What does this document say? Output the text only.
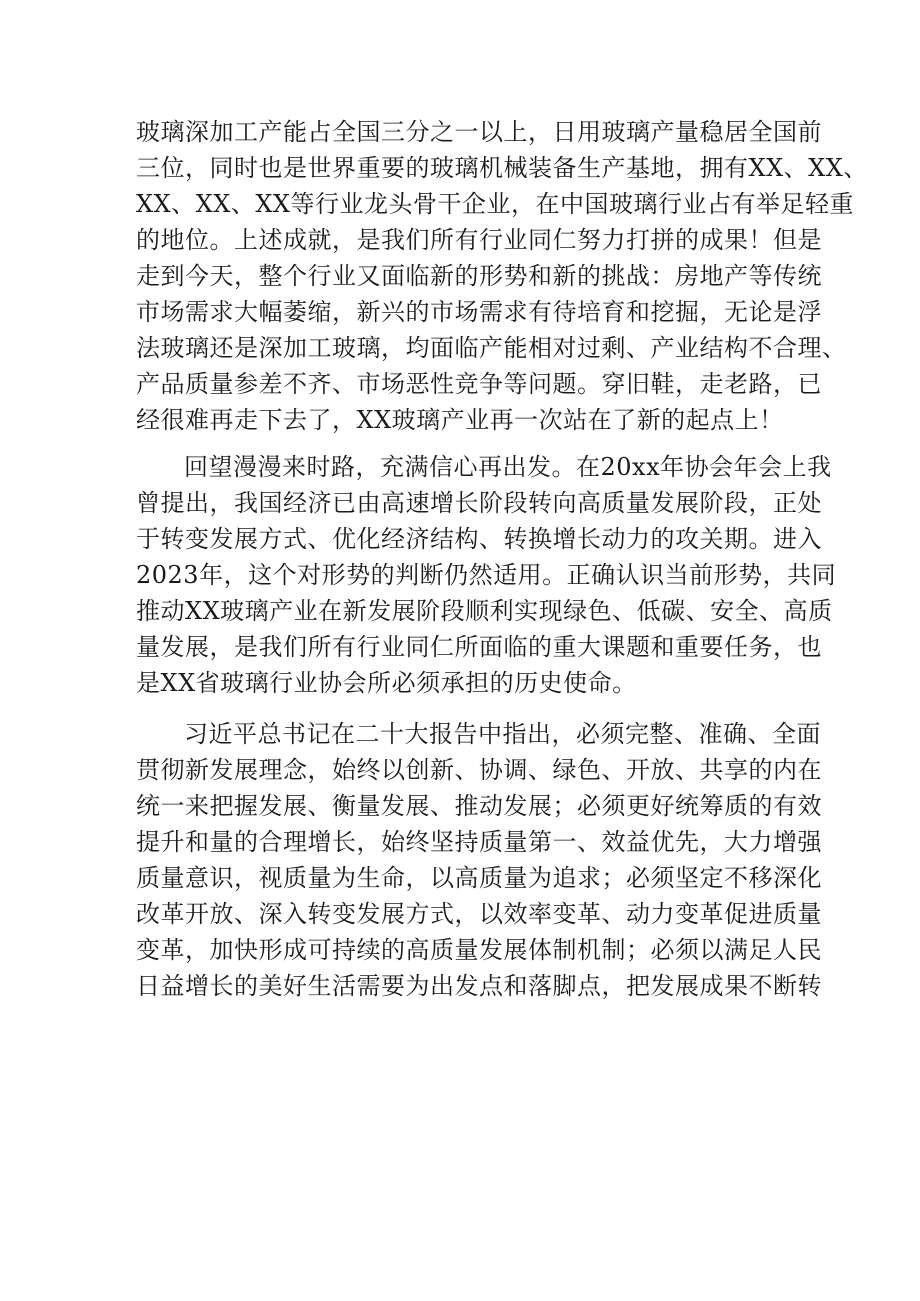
玻璃深加工产能占全国三分之一以上，日用玻璃产量稳居全国前
三位，同时也是世界重要的玻璃机械装备生产基地，拥有XX、XX、
XX、XX、XX等行业龙头骨干企业，在中国玻璃行业占有举足轻重
的地位。上述成就，是我们所有行业同仁努力打拼的成果！但是
走到今天，整个行业又面临新的形势和新的挑战：房地产等传统
市场需求大幅萎缩，新兴的市场需求有待培育和挖掘，无论是浮
法玻璃还是深加工玻璃，均面临产能相对过剩、产业结构不合理、
产品质量参差不齐、市场恶性竞争等问题。穿旧鞋，走老路，已
经很难再走下去了，XX玻璃产业再一次站在了新的起点上！
回望漫漫来时路，充满信心再出发。在20xx年协会年会上我
曾提出，我国经济已由高速增长阶段转向高质量发展阶段，正处
于转变发展方式、优化经济结构、转换增长动力的攻关期。进入
2023年，这个对形势的判断仍然适用。正确认识当前形势，共同
推动XX玻璃产业在新发展阶段顺利实现绿色、低碳、安全、高质
量发展，是我们所有行业同仁所面临的重大课题和重要任务，也
是XX省玻璃行业协会所必须承担的历史使命。
习近平总书记在二十大报告中指出，必须完整、准确、全面
贯彻新发展理念，始终以创新、协调、绿色、开放、共享的内在
统一来把握发展、衡量发展、推动发展；必须更好统筹质的有效
提升和量的合理增长，始终坚持质量第一、效益优先，大力增强
质量意识，视质量为生命，以高质量为追求；必须坚定不移深化
改革开放、深入转变发展方式，以效率变革、动力变革促进质量
变革，加快形成可持续的高质量发展体制机制；必须以满足人民
日益增长的美好生活需要为出发点和落脚点，把发展成果不断转
